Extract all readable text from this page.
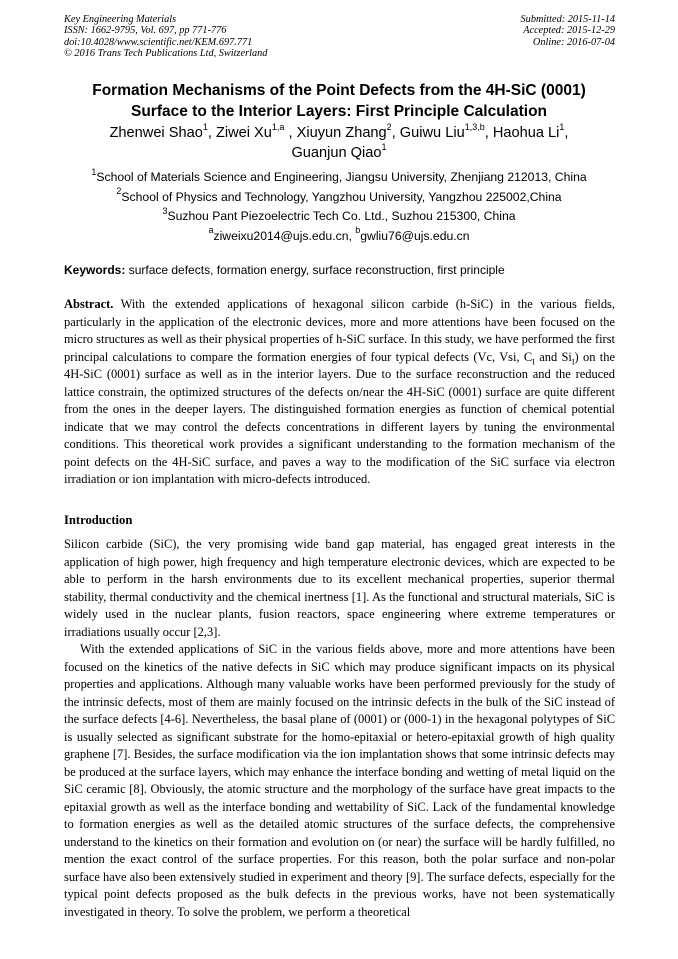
Key Engineering Materials
ISSN: 1662-9795, Vol. 697, pp 771-776
doi:10.4028/www.scientific.net/KEM.697.771
© 2016 Trans Tech Publications Ltd, Switzerland
Submitted: 2015-11-14
Accepted: 2015-12-29
Online: 2016-07-04
Formation Mechanisms of the Point Defects from the 4H-SiC (0001)
Surface to the Interior Layers: First Principle Calculation
Zhenwei Shao$^1$, Ziwei Xu$^{1,a}$ , Xiuyun Zhang$^2$, Guiwu Liu$^{1,3,b}$, Haohua Li$^1$,
Guanjun Qiao$^1$
$^1$School of Materials Science and Engineering, Jiangsu University, Zhenjiang 212013, China
$^2$School of Physics and Technology, Yangzhou University, Yangzhou 225002,China
$^3$Suzhou Pant Piezoelectric Tech Co. Ltd., Suzhou 215300, China
$^a$ziweixu2014@ujs.edu.cn, $^b$gwliu76@ujs.edu.cn
Keywords: surface defects, formation energy, surface reconstruction, first principle
Abstract. With the extended applications of hexagonal silicon carbide (h-SiC) in the various fields, particularly in the application of the electronic devices, more and more attentions have been focused on the micro structures as well as their physical properties of h-SiC surface. In this study, we have performed the first principal calculations to compare the formation energies of four typical defects (Vc, Vsi, $C_I$ and $Si_I$) on the 4H-SiC (0001) surface as well as in the interior layers. Due to the surface reconstruction and the reduced lattice constrain, the optimized structures of the defects on/near the 4H-SiC (0001) surface are quite different from the ones in the deeper layers. The distinguished formation energies as function of chemical potential indicate that we may control the defects concentrations in different layers by tuning the environmental conditions. This theoretical work provides a significant understanding to the formation mechanism of the point defects on the 4H-SiC surface, and paves a way to the modification of the SiC surface via electron irradiation or ion implantation with micro-defects introduced.
Introduction

Silicon carbide (SiC), the very promising wide band gap material, has engaged great interests in the application of high power, high frequency and high temperature electronic devices, which are expected to be able to perform in the harsh environments due to its excellent mechanical properties, superior thermal stability, thermal conductivity and the chemical inertness [1]. As the functional and structural materials, SiC is widely used in the nuclear plants, fusion reactors, space engineering where extreme temperatures or irradiations usually occur [2,3].

With the extended applications of SiC in the various fields above, more and more attentions have been focused on the kinetics of the native defects in SiC which may produce significant impacts on its physical properties and applications. Although many valuable works have been performed previously for the study of the intrinsic defects, most of them are mainly focused on the intrinsic defects in the bulk of the SiC instead of the surface defects [4-6]. Nevertheless, the basal plane of (0001) or (000-1) in the hexagonal polytypes of SiC is usually selected as significant substrate for the homo-epitaxial or hetero-epitaxial growth of high quality graphene [7]. Besides, the surface modification via the ion implantation shows that some intrinsic defects may be produced at the surface layers, which may enhance the interface bonding and wetting of metal liquid on the SiC ceramic [8]. Obviously, the atomic structure and the morphology of the surface have great impacts to the epitaxial growth as well as the interface bonding and wettability of SiC. Lack of the fundamental knowledge to formation energies as well as the detailed atomic structures of the surface defects, the comprehensive understand to the kinetics on their formation and evolution on (or near) the surface will be hardly fulfilled, no mention the exact control of the surface properties. For this reason, both the polar surface and non-polar surface have also been extensively studied in experiment and theory [9]. The surface defects, especially for the typical point defects proposed as the bulk defects in the previous works, have not been systematically investigated in theory. To solve the problem, we perform a theoretical
